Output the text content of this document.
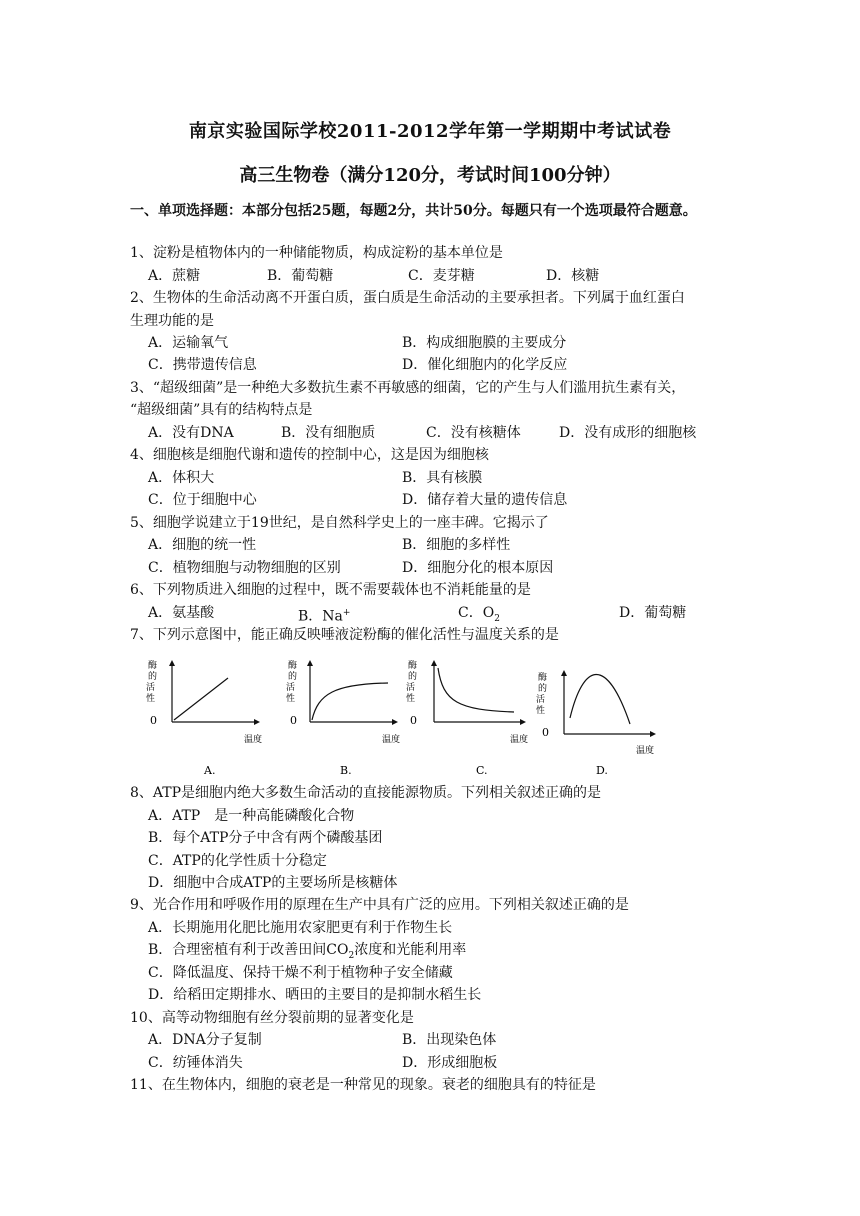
南京实验国际学校2011-2012学年第一学期期中考试试卷
高三生物卷（满分120分，考试时间100分钟）
一、单项选择题：本部分包括25题，每题2分，共计50分。每题只有一个选项最符合题意。
1、淀粉是植物体内的一种储能物质，构成淀粉的基本单位是
A．蔗糖	B．葡萄糖	C．麦芽糖	D．核糖
2、生物体的生命活动离不开蛋白质，蛋白质是生命活动的主要承担者。下列属于血红蛋白
生理功能的是
A．运输氧气	B．构成细胞膜的主要成分
C．携带遗传信息	D．催化细胞内的化学反应
3、“超级细菌”是一种绝大多数抗生素不再敏感的细菌，它的产生与人们滥用抗生素有关，
“超级细菌”具有的结构特点是
A．没有DNA	B．没有细胞质	C．没有核糖体	D．没有成形的细胞核
4、细胞核是细胞代谢和遗传的控制中心，这是因为细胞核
A．体积大	B．具有核膜
C．位于细胞中心	D．储存着大量的遗传信息
5、细胞学说建立于19世纪，是自然科学史上的一座丰碑。它揭示了
A．细胞的统一性	B．细胞的多样性
C．植物细胞与动物细胞的区别	D．细胞分化的根本原因
6、下列物质进入细胞的过程中，既不需要载体也不消耗能量的是
A．氨基酸	B．Na+	C．$O_2$	D．葡萄糖
7、下列示意图中，能正确反映唾液淀粉酶的催化活性与温度关系的是
酶
的
活
性
0
温度
A.
酶
的
活
性
0
温度
B.
酶
的
活
性
0
温度
C.
酶
的
活
性
0
温度
D.
8、ATP是细胞内绝大多数生命活动的直接能源物质。下列相关叙述正确的是
A．ATP　是一种高能磷酸化合物
B．每个ATP分子中含有两个磷酸基团
C．ATP的化学性质十分稳定
D．细胞中合成ATP的主要场所是核糖体
9、光合作用和呼吸作用的原理在生产中具有广泛的应用。下列相关叙述正确的是
A．长期施用化肥比施用农家肥更有利于作物生长
B．合理密植有利于改善田间$CO_2$浓度和光能利用率
C．降低温度、保持干燥不利于植物种子安全储藏
D．给稻田定期排水、晒田的主要目的是抑制水稻生长
10、高等动物细胞有丝分裂前期的显著变化是
A．DNA分子复制	B．出现染色体
C．纺锤体消失	D．形成细胞板
11、在生物体内，细胞的衰老是一种常见的现象。衰老的细胞具有的特征是
